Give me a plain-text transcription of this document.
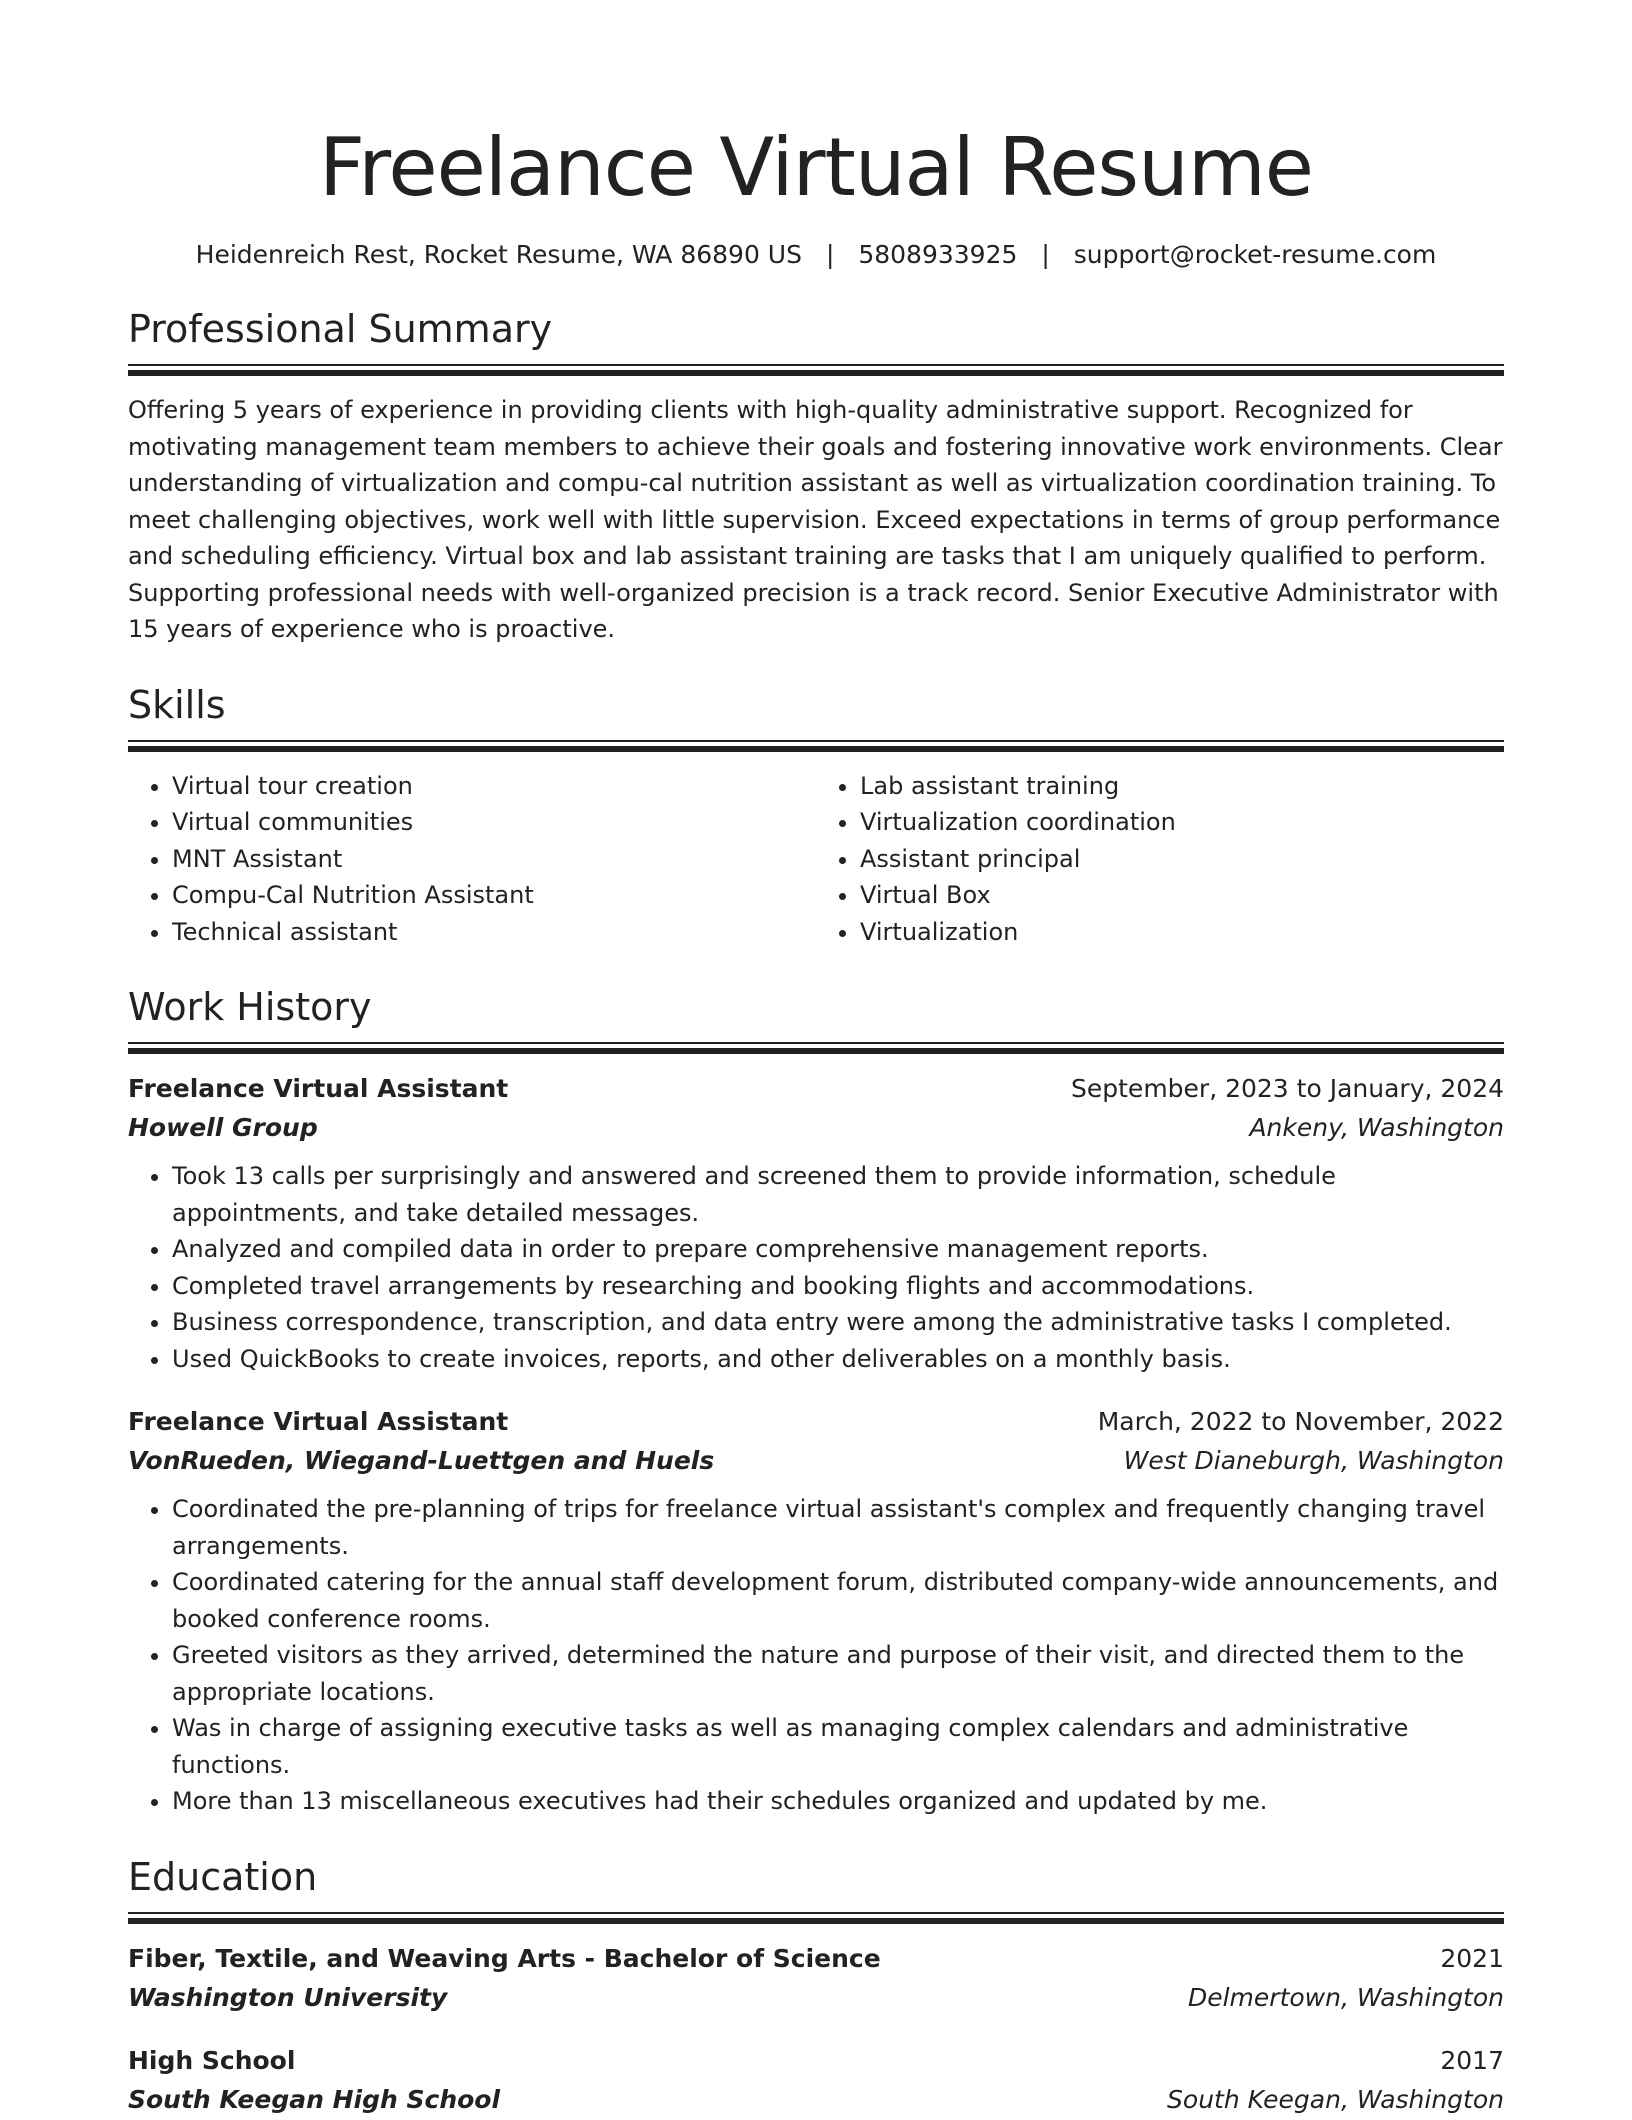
Freelance Virtual Resume
Heidenreich Rest, Rocket Resume, WA 86890 US | 5808933925 | support@rocket-resume.com
Professional Summary

Offering 5 years of experience in providing clients with high-quality administrative support. Recognized for motivating management team members to achieve their goals and fostering innovative work environments. Clear understanding of virtualization and compu-cal nutrition assistant as well as virtualization coordination training. To meet challenging objectives, work well with little supervision. Exceed expectations in terms of group performance and scheduling efficiency. Virtual box and lab assistant training are tasks that I am uniquely qualified to perform. Supporting professional needs with well-organized precision is a track record. Senior Executive Administrator with 15 years of experience who is proactive.

Skills
• Virtual tour creation
• Virtual communities
• MNT Assistant
• Compu-Cal Nutrition Assistant
• Technical assistant
• Lab assistant training
• Virtualization coordination
• Assistant principal
• Virtual Box
• Virtualization
Work History
Freelance Virtual Assistant	September, 2023 to January, 2024
Howell Group	Ankeny, Washington
• Took 13 calls per surprisingly and answered and screened them to provide information, schedule appointments, and take detailed messages.
• Analyzed and compiled data in order to prepare comprehensive management reports.
• Completed travel arrangements by researching and booking flights and accommodations.
• Business correspondence, transcription, and data entry were among the administrative tasks I completed.
• Used QuickBooks to create invoices, reports, and other deliverables on a monthly basis.
Freelance Virtual Assistant	March, 2022 to November, 2022
VonRueden, Wiegand-Luettgen and Huels	West Dianeburgh, Washington
• Coordinated the pre-planning of trips for freelance virtual assistant's complex and frequently changing travel arrangements.
• Coordinated catering for the annual staff development forum, distributed company-wide announcements, and booked conference rooms.
• Greeted visitors as they arrived, determined the nature and purpose of their visit, and directed them to the appropriate locations.
• Was in charge of assigning executive tasks as well as managing complex calendars and administrative functions.
• More than 13 miscellaneous executives had their schedules organized and updated by me.
Education
Fiber, Textile, and Weaving Arts - Bachelor of Science	2021
Washington University	Delmertown, Washington
High School	2017
South Keegan High School	South Keegan, Washington
